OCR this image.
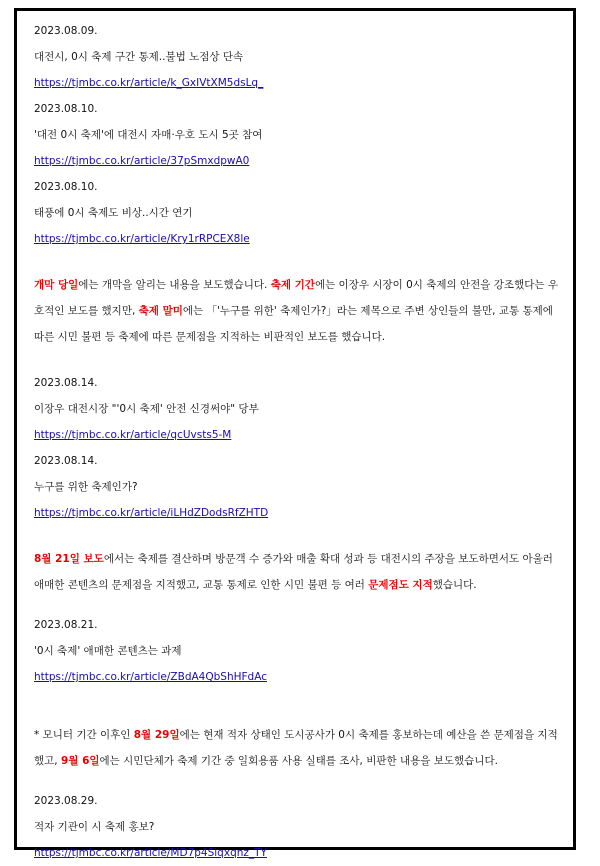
2023.08.09.
대전시, 0시 축제 구간 통제..불법 노점상 단속
https://tjmbc.co.kr/article/k_GxIVtXM5dsLq_
2023.08.10.
'대전 0시 축제'에 대전시 자매·우호 도시 5곳 참여
https://tjmbc.co.kr/article/37pSmxdpwA0
2023.08.10.
태풍에 0시 축제도 비상..시간 연기
https://tjmbc.co.kr/article/Kry1rRPCEX8le

개막 당일에는 개막을 알리는 내용을 보도했습니다. 축제 기간에는 이장우 시장이 0시 축제의 안전을 강조했다는 우호적인 보도를 했지만, 축제 말미에는 「'누구를 위한' 축제인가?」라는 제목으로 주변 상인들의 불만, 교통 통제에 따른 시민 불편 등 축제에 따른 문제점을 지적하는 비판적인 보도를 했습니다.

2023.08.14.
이장우 대전시장 "'0시 축제' 안전 신경써야" 당부
https://tjmbc.co.kr/article/qcUvsts5-M
2023.08.14.
누구를 위한 축제인가?
https://tjmbc.co.kr/article/iLHdZDodsRfZHTD

8월 21일 보도에서는 축제를 결산하며 방문객 수 증가와 매출 확대 성과 등 대전시의 주장을 보도하면서도 아울러 애매한 콘텐츠의 문제점을 지적했고, 교통 통제로 인한 시민 불편 등 여러 문제점도 지적했습니다.

2023.08.21.
'0시 축제' 애매한 콘텐츠는 과제
https://tjmbc.co.kr/article/ZBdA4QbShHFdAc

* 모니터 기간 이후인 8월 29일에는 현재 적자 상태인 도시공사가 0시 축제를 홍보하는데 예산을 쓴 문제점을 지적했고, 9월 6일에는 시민단체가 축제 기간 중 일회용품 사용 실태를 조사, 비판한 내용을 보도했습니다.

2023.08.29.
적자 기관이 시 축제 홍보?
https://tjmbc.co.kr/article/MD7p4Slqxqnz_TY
